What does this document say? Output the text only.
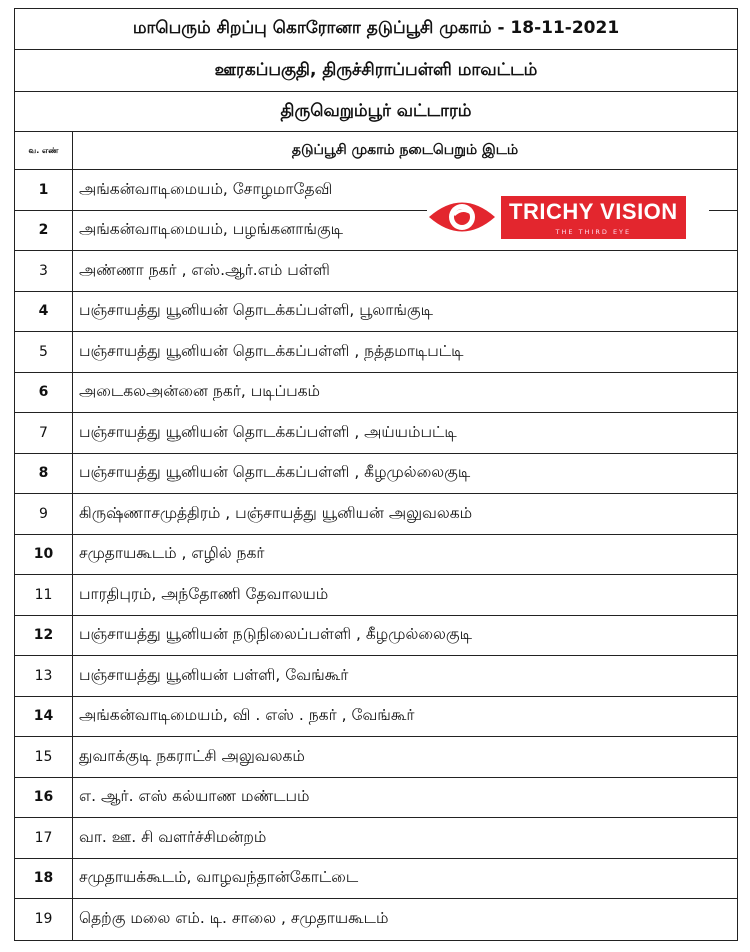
மாபெரும் சிறப்பு கொரோனா தடுப்பூசி முகாம் - 18-11-2021
ஊரகப்பகுதி, திருச்சிராப்பள்ளி மாவட்டம்
திருவெறும்பூர் வட்டாரம்
வ. எண்	தடுப்பூசி முகாம் நடைபெறும் இடம்
1	அங்கன்வாடிமையம், சோழமாதேவி
2	அங்கன்வாடிமையம், பழங்கனாங்குடி
3	அண்ணா நகர் , எஸ்.ஆர்.எம் பள்ளி
4	பஞ்சாயத்து யூனியன் தொடக்கப்பள்ளி, பூலாங்குடி
5	பஞ்சாயத்து யூனியன் தொடக்கப்பள்ளி , நத்தமாடிபட்டி
6	அடைகலஅன்னை நகர், படிப்பகம்
7	பஞ்சாயத்து யூனியன் தொடக்கப்பள்ளி , அய்யம்பட்டி
8	பஞ்சாயத்து யூனியன் தொடக்கப்பள்ளி , கீழமுல்லைகுடி
9	கிருஷ்ணாசமுத்திரம் , பஞ்சாயத்து யூனியன் அலுவலகம்
10	சமுதாயகூடம் , எழில் நகர்
11	பாரதிபுரம், அந்தோணி தேவாலயம்
12	பஞ்சாயத்து யூனியன் நடுநிலைப்பள்ளி , கீழமுல்லைகுடி
13	பஞ்சாயத்து யூனியன் பள்ளி, வேங்கூர்
14	அங்கன்வாடிமையம், வி . எஸ் . நகர் , வேங்கூர்
15	துவாக்குடி நகராட்சி அலுவலகம்
16	எ. ஆர். எஸ் கல்யாண மண்டபம்
17	வா. ஊ. சி வளர்ச்சிமன்றம்
18	சமுதாயக்கூடம், வாழவந்தான்கோட்டை
19	தெற்கு மலை எம். டி. சாலை , சமுதாயகூடம்
TRICHY VISION
THE THIRD EYE
